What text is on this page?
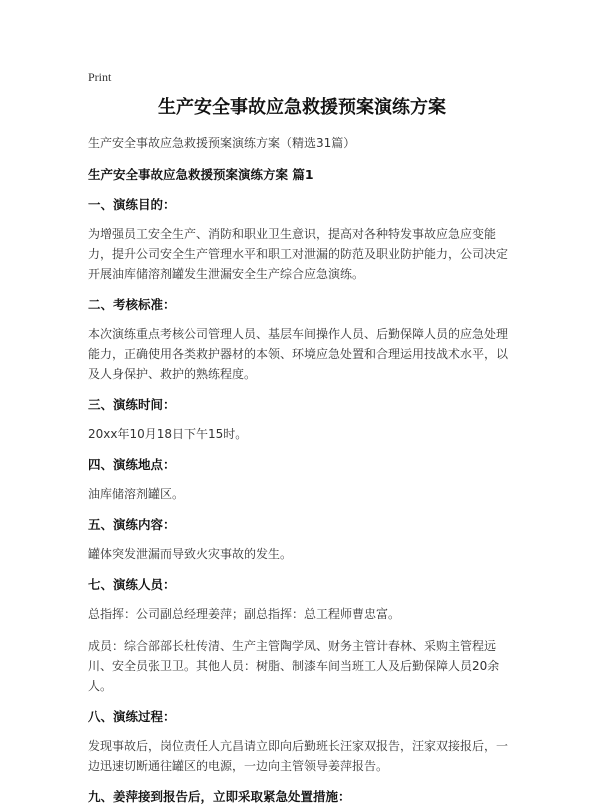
Print
生产安全事故应急救援预案演练方案
生产安全事故应急救援预案演练方案（精选31篇）
生产安全事故应急救援预案演练方案 篇1
一、演练目的：
为增强员工安全生产、消防和职业卫生意识，提高对各种特发事故应急应变能力，提升公司安全生产管理水平和职工对泄漏的防范及职业防护能力，公司决定开展油库储溶剂罐发生泄漏安全生产综合应急演练。
二、考核标准：
本次演练重点考核公司管理人员、基层车间操作人员、后勤保障人员的应急处理能力，正确使用各类救护器材的本领、环境应急处置和合理运用技战术水平，以及人身保护、救护的熟练程度。
三、演练时间：
20xx年10月18日下午15时。
四、演练地点：
油库储溶剂罐区。
五、演练内容：
罐体突发泄漏而导致火灾事故的发生。
七、演练人员：
总指挥：公司副总经理姜萍；副总指挥：总工程师曹忠富。
成员：综合部部长杜传清、生产主管陶学凤、财务主管计春林、采购主管程远川、安全员张卫卫。其他人员：树脂、制漆车间当班工人及后勤保障人员20余人。
八、演练过程：
发现事故后，岗位责任人亢昌请立即向后勤班长汪家双报告，汪家双接报后，一边迅速切断通往罐区的电源，一边向主管领导姜萍报告。
九、姜萍接到报告后，立即采取紧急处置措施：
